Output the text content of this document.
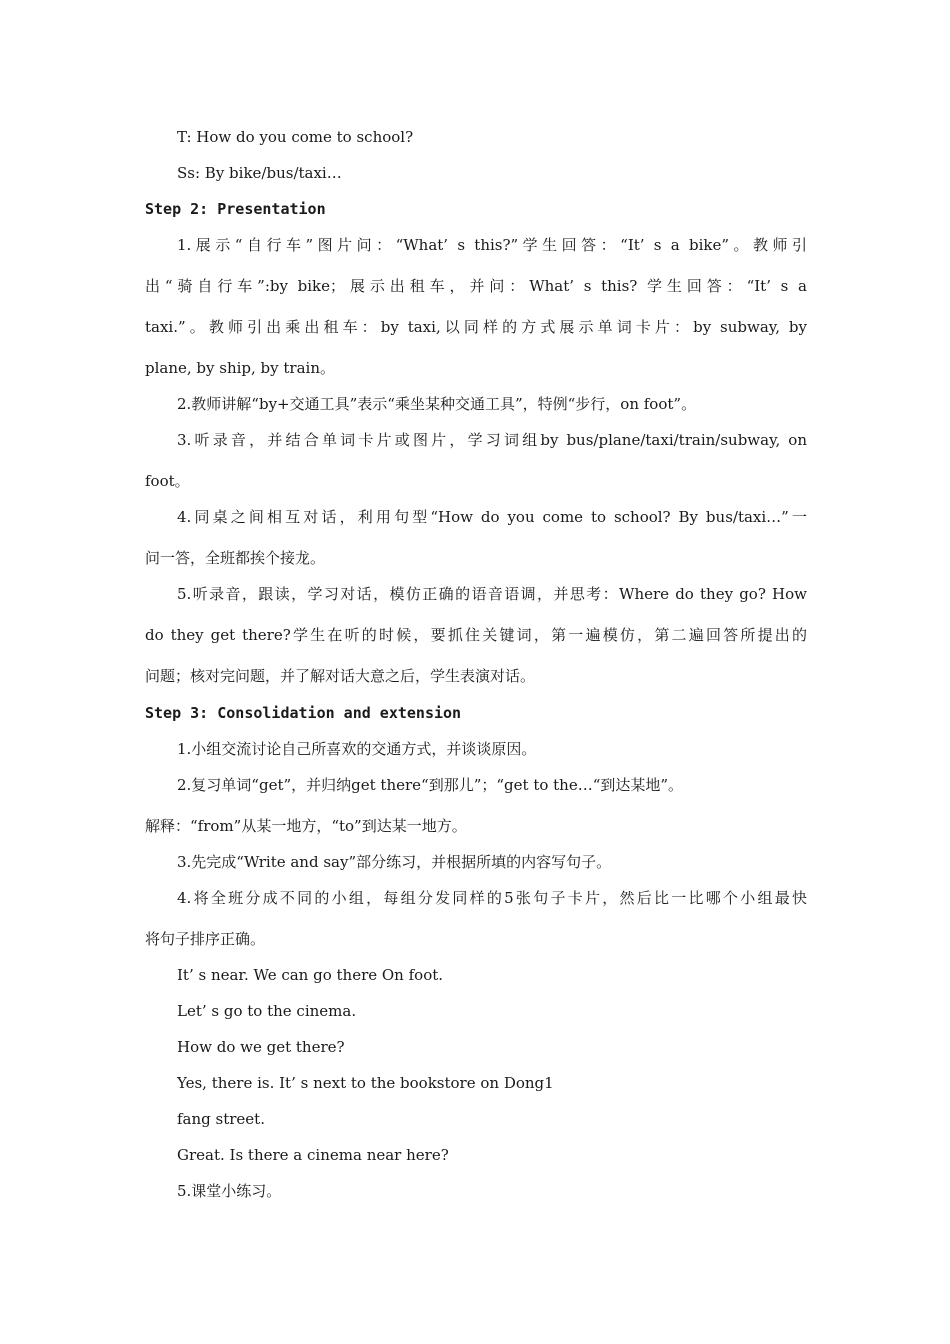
T: How do you come to school?
Ss: By bike/bus/taxi…
Step 2: Presentation
1.展示“自行车”图片问：“What’ s this?”学生回答：“It’ s a bike”。教师引
出“骑自行车”:by bike；展示出租车，并问：What’ s this? 学生回答：“It’ s a
taxi.”。教师引出乘出租车：by taxi,以同样的方式展示单词卡片：by subway, by
plane, by ship, by train。
2.教师讲解“by+交通工具”表示“乘坐某种交通工具”，特例“步行，on foot”。
3.听录音，并结合单词卡片或图片，学习词组by bus/plane/taxi/train/subway, on
foot。
4.同桌之间相互对话，利用句型“How do you come to school? By bus/taxi…”一
问一答，全班都挨个接龙。
5.听录音，跟读，学习对话，模仿正确的语音语调，并思考：Where do they go? How
do they get there?学生在听的时候，要抓住关键词，第一遍模仿，第二遍回答所提出的
问题；核对完问题，并了解对话大意之后，学生表演对话。
Step 3: Consolidation and extension
1.小组交流讨论自己所喜欢的交通方式，并谈谈原因。
2.复习单词“get”，并归纳get there“到那儿”；“get to the…“到达某地”。
解释：“from”从某一地方，“to”到达某一地方。
3.先完成“Write and say”部分练习，并根据所填的内容写句子。
4.将全班分成不同的小组，每组分发同样的5张句子卡片，然后比一比哪个小组最快
将句子排序正确。
It’ s near. We can go there On foot.
Let’ s go to the cinema.
How do we get there?
Yes, there is. It’ s next to the bookstore on Dong1
fang street.
Great. Is there a cinema near here?
5.课堂小练习。
